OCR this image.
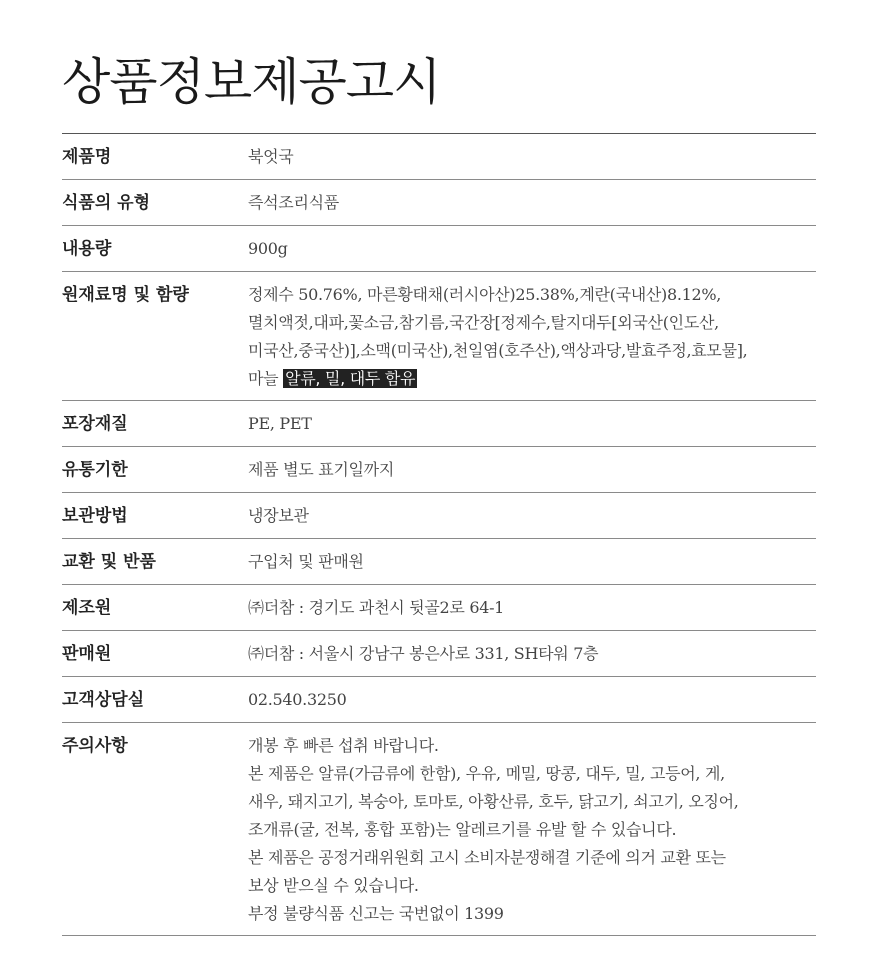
상품정보제공고시
제품명	북엇국
식품의 유형	즉석조리식품
내용량	900g
원재료명 및 함량	정제수 50.76%, 마른황태채(러시아산)25.38%,계란(국내산)8.12%,
멸치액젓,대파,꽃소금,참기름,국간장[정제수,탈지대두[외국산(인도산,
미국산,중국산)],소맥(미국산),천일염(호주산),액상과당,발효주정,효모물],
마늘 알류, 밀, 대두 함유
포장재질	PE, PET
유통기한	제품 별도 표기일까지
보관방법	냉장보관
교환 및 반품	구입처 및 판매원
제조원	㈜더참 : 경기도 과천시 뒷골2로 64-1
판매원	㈜더참 : 서울시 강남구 봉은사로 331, SH타워 7층
고객상담실	02.540.3250
주의사항	개봉 후 빠른 섭취 바랍니다.
본 제품은 알류(가금류에 한함), 우유, 메밀, 땅콩, 대두, 밀, 고등어, 게,
새우, 돼지고기, 복숭아, 토마토, 아황산류, 호두, 닭고기, 쇠고기, 오징어,
조개류(굴, 전복, 홍합 포함)는 알레르기를 유발 할 수 있습니다.
본 제품은 공정거래위원회 고시 소비자분쟁해결 기준에 의거 교환 또는
보상 받으실 수 있습니다.
부정 불량식품 신고는 국번없이 1399
